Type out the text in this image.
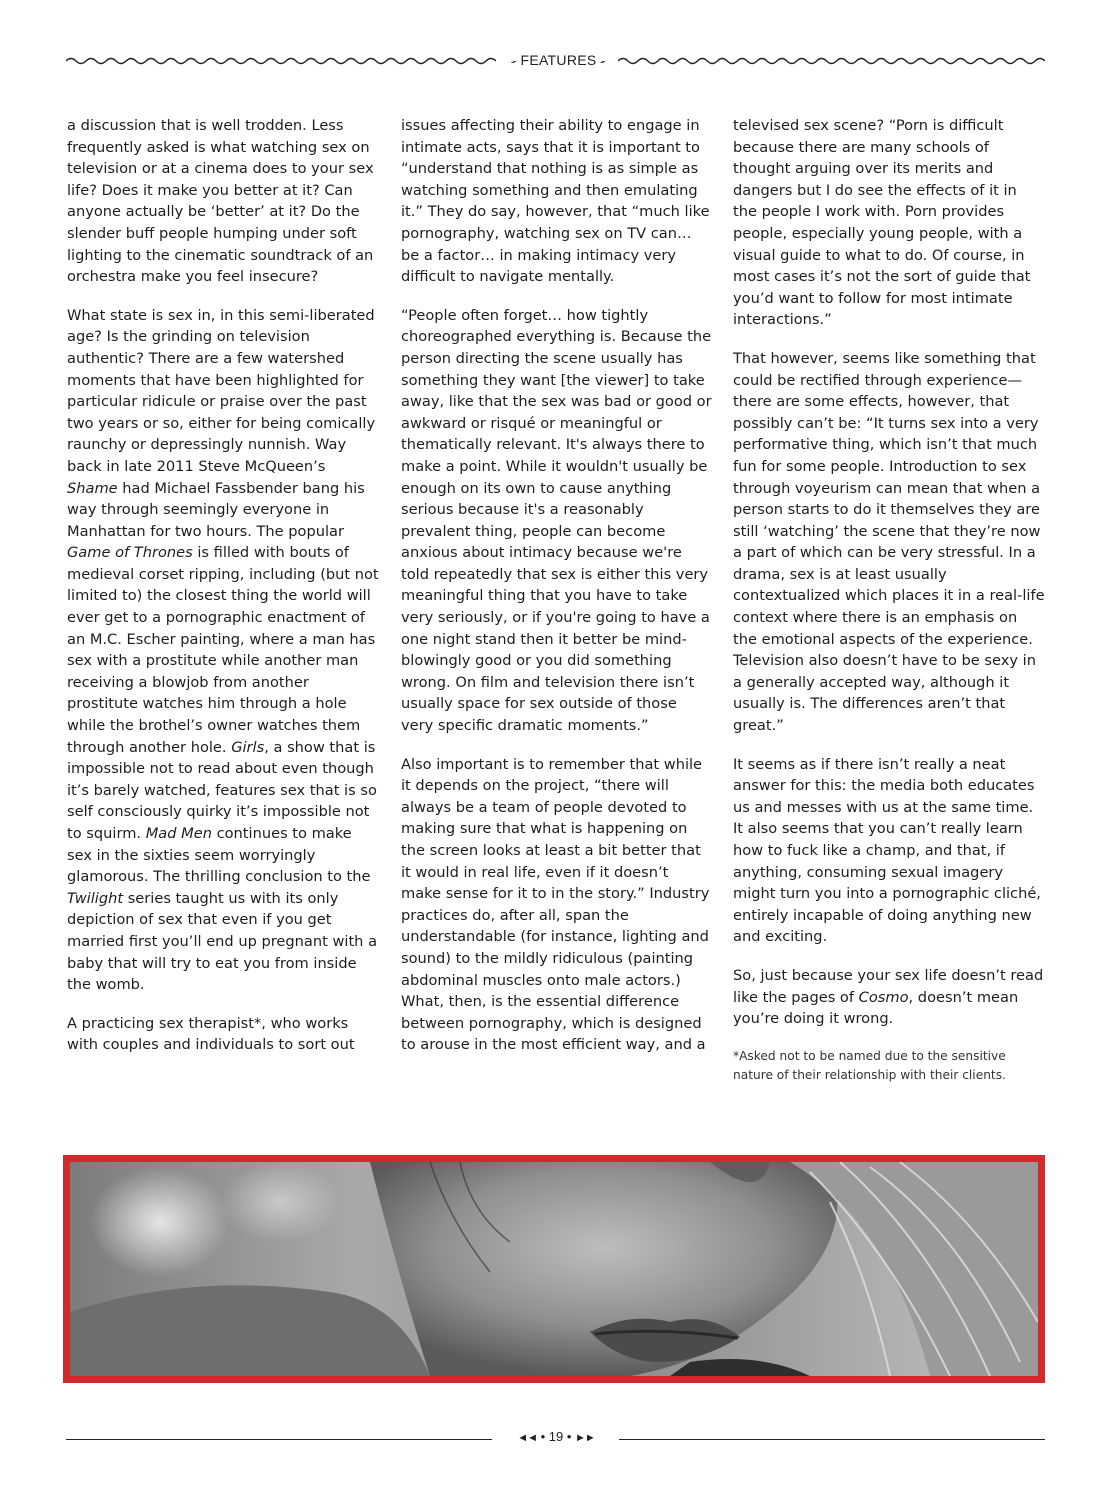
⌁FEATURES⌁

a discussion that is well trodden. Less frequently asked is what watching sex on television or at a cinema does to your sex life? Does it make you better at it? Can anyone actually be ‘better’ at it? Do the slender buff people humping under soft lighting to the cinematic soundtrack of an orchestra make you feel insecure?

What state is sex in, in this semi-liberated age? Is the grinding on television authentic? There are a few watershed moments that have been highlighted for particular ridicule or praise over the past two years or so, either for being comically raunchy or depressingly nunnish. Way back in late 2011 Steve McQueen’s Shame had Michael Fassbender bang his way through seemingly everyone in Manhattan for two hours. The popular Game of Thrones is filled with bouts of medieval corset ripping, including (but not limited to) the closest thing the world will ever get to a pornographic enactment of an M.C. Escher painting, where a man has sex with a prostitute while another man receiving a blowjob from another prostitute watches him through a hole while the brothel’s owner watches them through another hole. Girls, a show that is impossible not to read about even though it’s barely watched, features sex that is so self consciously quirky it’s impossible not to squirm. Mad Men continues to make sex in the sixties seem worryingly glamorous. The thrilling conclusion to the Twilight series taught us with its only depiction of sex that even if you get married first you’ll end up pregnant with a baby that will try to eat you from inside the womb.

A practicing sex therapist*, who works with couples and individuals to sort out

issues affecting their ability to engage in intimate acts, says that it is important to “understand that nothing is as simple as watching something and then emulating it.” They do say, however, that “much like pornography, watching sex on TV can… be a factor… in making intimacy very difficult to navigate mentally.

“People often forget… how tightly choreographed everything is. Because the person directing the scene usually has something they want [the viewer] to take away, like that the sex was bad or good or awkward or risqué or meaningful or thematically relevant. It's always there to make a point. While it wouldn't usually be enough on its own to cause anything serious because it's a reasonably prevalent thing, people can become anxious about intimacy because we're told repeatedly that sex is either this very meaningful thing that you have to take very seriously, or if you're going to have a one night stand then it better be mind-blowingly good or you did something wrong. On film and television there isn’t usually space for sex outside of those very specific dramatic moments.”

Also important is to remember that while it depends on the project, “there will always be a team of people devoted to making sure that what is happening on the screen looks at least a bit better that it would in real life, even if it doesn’t make sense for it to in the story.” Industry practices do, after all, span the understandable (for instance, lighting and sound) to the mildly ridiculous (painting abdominal muscles onto male actors.) What, then, is the essential difference between pornography, which is designed to arouse in the most efficient way, and a

televised sex scene? “Porn is difficult because there are many schools of thought arguing over its merits and dangers but I do see the effects of it in the people I work with. Porn provides people, especially young people, with a visual guide to what to do. Of course, in most cases it’s not the sort of guide that you’d want to follow for most intimate interactions.”

That however, seems like something that could be rectified through experience—there are some effects, however, that possibly can’t be: “It turns sex into a very performative thing, which isn’t that much fun for some people. Introduction to sex through voyeurism can mean that when a person starts to do it themselves they are still ‘watching’ the scene that they’re now a part of which can be very stressful. In a drama, sex is at least usually contextualized which places it in a real-life context where there is an emphasis on the emotional aspects of the experience. Television also doesn’t have to be sexy in a generally accepted way, although it usually is. The differences aren’t that great.”

It seems as if there isn’t really a neat answer for this: the media both educates us and messes with us at the same time. It also seems that you can’t really learn how to fuck like a champ, and that, if anything, consuming sexual imagery might turn you into a pornographic cliché, entirely incapable of doing anything new and exciting.

So, just because your sex life doesn’t read like the pages of Cosmo, doesn’t mean you’re doing it wrong.

*Asked not to be named due to the sensitive nature of their relationship with their clients.

◄◄ • 19 • ►►
